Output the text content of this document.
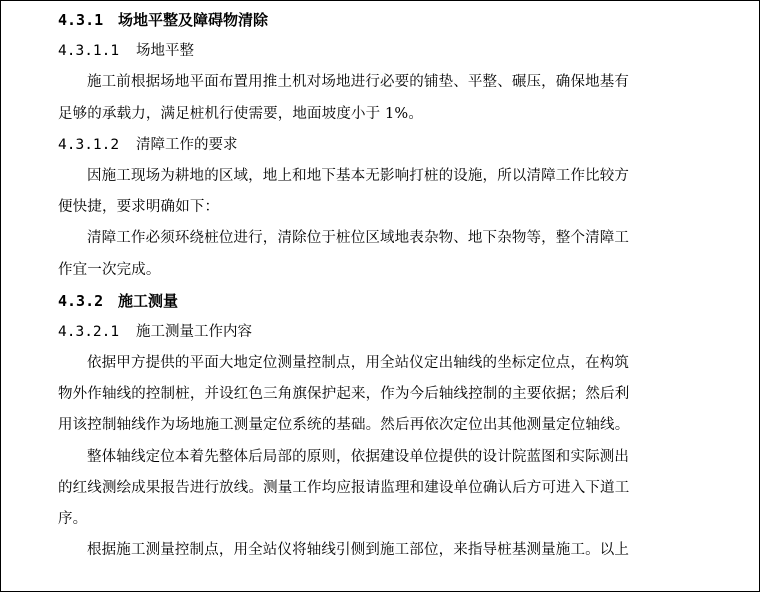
4.3.1 场地平整及障碍物清除
4.3.1.1 场地平整
施工前根据场地平面布置用推土机对场地进行必要的铺垫、平整、碾压，确保地基有
足够的承载力，满足桩机行使需要，地面坡度小于 1%。
4.3.1.2 清障工作的要求
因施工现场为耕地的区域，地上和地下基本无影响打桩的设施，所以清障工作比较方
便快捷，要求明确如下：
清障工作必须环绕桩位进行，清除位于桩位区域地表杂物、地下杂物等，整个清障工
作宜一次完成。
4.3.2 施工测量
4.3.2.1 施工测量工作内容
依据甲方提供的平面大地定位测量控制点，用全站仪定出轴线的坐标定位点，在构筑
物外作轴线的控制桩，并设红色三角旗保护起来，作为今后轴线控制的主要依据；然后利
用该控制轴线作为场地施工测量定位系统的基础。然后再依次定位出其他测量定位轴线。
整体轴线定位本着先整体后局部的原则，依据建设单位提供的设计院蓝图和实际测出
的红线测绘成果报告进行放线。测量工作均应报请监理和建设单位确认后方可进入下道工
序。
根据施工测量控制点，用全站仪将轴线引侧到施工部位，来指导桩基测量施工。以上
